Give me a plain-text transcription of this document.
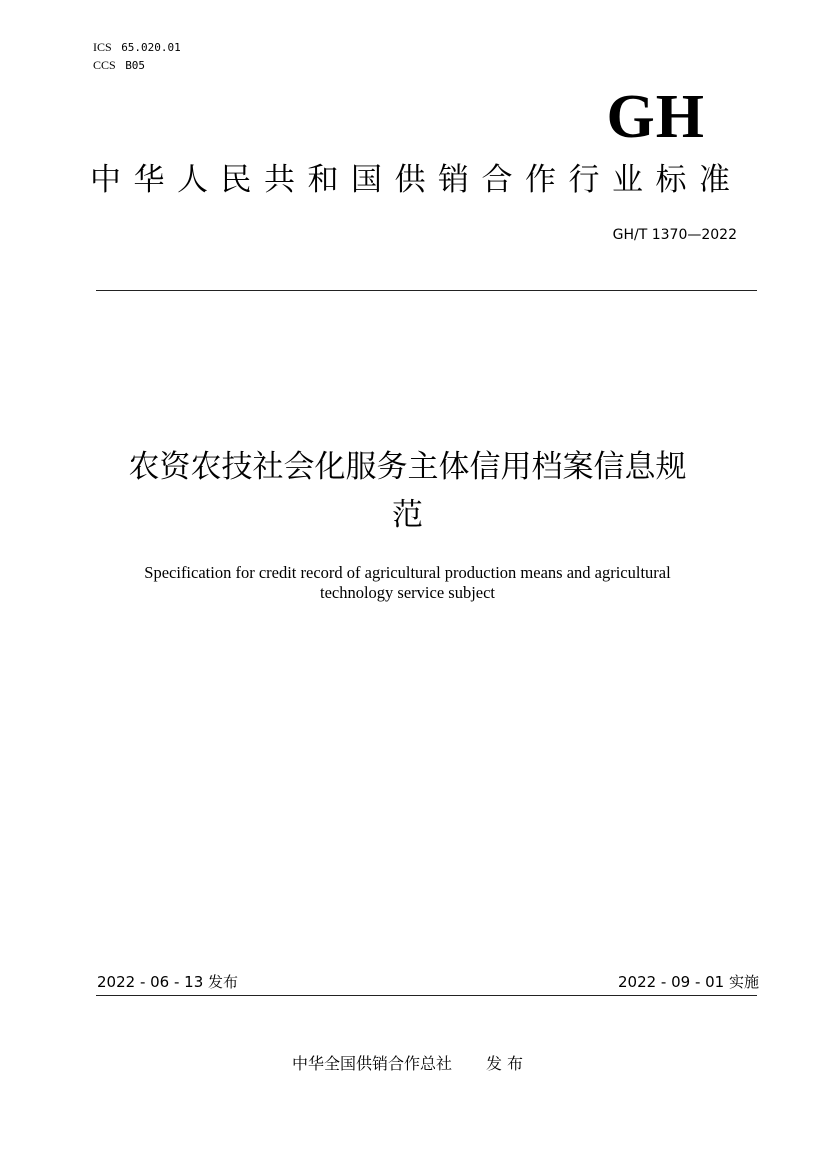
ICS 65.020.01
CCS B05
GH
中华人民共和国供销合作行业标准
GH/T 1370—2022
农资农技社会化服务主体信用档案信息规
范
Specification for credit record of agricultural production means and agricultural
technology service subject
2022 - 06 - 13 发布	2022 - 09 - 01 实施
中华全国供销合作总社 发 布
